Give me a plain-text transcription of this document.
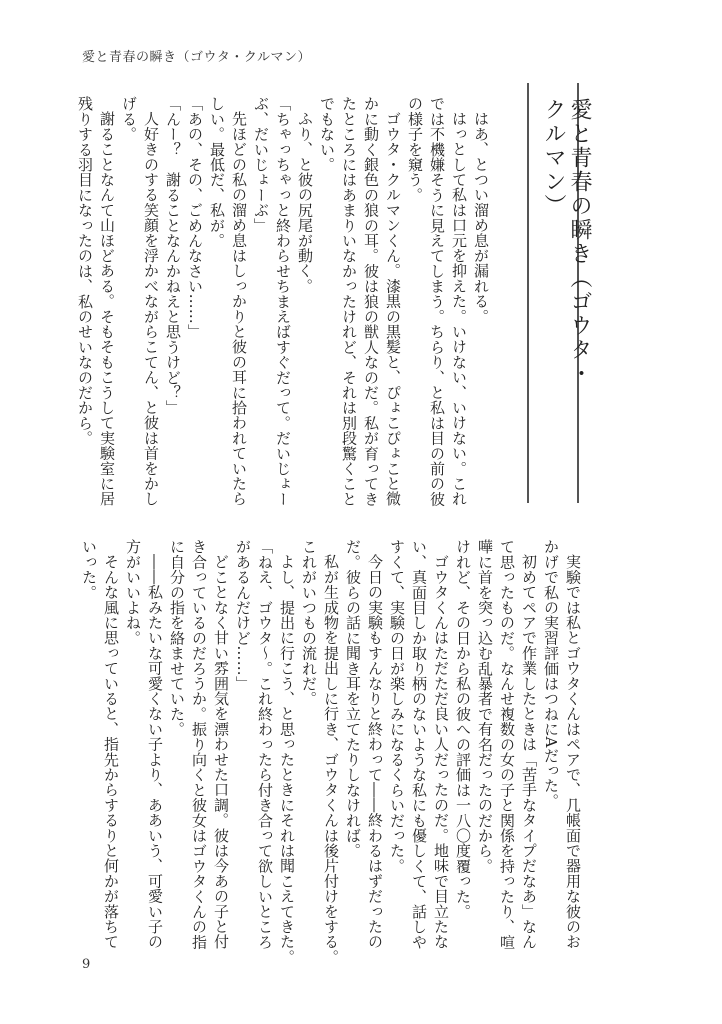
愛と青春の瞬き（ゴウタ・クルマン）
愛と青春の瞬き（ゴウタ・クルマン）
はあ、とつい溜め息が漏れる。
はっとして私は口元を抑えた。いけない、いけない。これ
では不機嫌そうに見えてしまう。ちらり、と私は目の前の彼
の様子を窺う。
ゴウタ・クルマンくん。漆黒の黒髪と、ぴょこぴょこと微
かに動く銀色の狼の耳。彼は狼の獣人なのだ。私が育ってき
たところにはあまりいなかったけれど、それは別段驚くこと
でもない。
ふり、と彼の尻尾が動く。
「ちゃっちゃっと終わらせちまえばすぐだって。だいじょー
ぶ、だいじょーぶ」
先ほどの私の溜め息はしっかりと彼の耳に拾われていたら
しい。最低だ、私が。
「あの、その、ごめんなさい……」
「んー？　謝ることなんかねえと思うけど？」
人好きのする笑顔を浮かべながらこてん、と彼は首をかし
げる。
謝ることなんて山ほどある。そもそもこうして実験室に居
残りする羽目になったのは、私のせいなのだから。
実験では私とゴウタくんはペアで、几帳面で器用な彼のお
かげで私の実習評価はつねにAだった。
初めてペアで作業したときは「苦手なタイプだなあ」なん
て思ったものだ。なんせ複数の女の子と関係を持ったり、喧
嘩に首を突っ込む乱暴者で有名だったのだから。
けれど、その日から私の彼への評価は一八〇度覆った。
ゴウタくんはただただ良い人だったのだ。地味で目立たな
い、真面目しか取り柄のないような私にも優しくて、話しや
すくて、実験の日が楽しみになるくらいだった。
今日の実験もすんなりと終わって――終わるはずだったの
だ。彼らの話に聞き耳を立てたりしなければ。
私が生成物を提出しに行き、ゴウタくんは後片付けをする。
これがいつもの流れだ。
よし、提出に行こう、と思ったときにそれは聞こえてきた。
「ねえ、ゴウタ～。これ終わったら付き合って欲しいところ
があるんだけど……」
どことなく甘い雰囲気を漂わせた口調。彼は今あの子と付
き合っているのだろうか。振り向くと彼女はゴウタくんの指
に自分の指を絡ませていた。
――私みたいな可愛くない子より、ああいう、可愛い子の
方がいいよね。
そんな風に思っていると、指先からするりと何かが落ちて
いった。
9
